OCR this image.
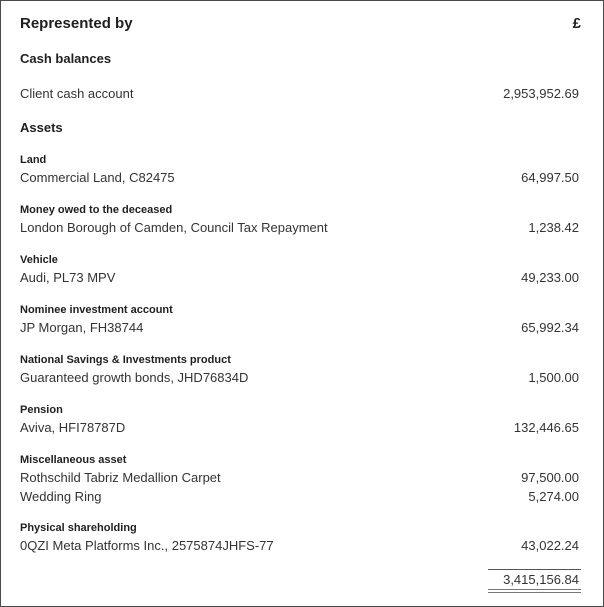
Represented by	£
Cash balances
Client cash account	2,953,952.69
Assets
Land
Commercial Land, C82475	64,997.50
Money owed to the deceased
London Borough of Camden, Council Tax Repayment	1,238.42
Vehicle
Audi, PL73 MPV	49,233.00
Nominee investment account
JP Morgan, FH38744	65,992.34
National Savings & Investments product
Guaranteed growth bonds, JHD76834D	1,500.00
Pension
Aviva, HFI78787D	132,446.65
Miscellaneous asset
Rothschild Tabriz Medallion Carpet	97,500.00
Wedding Ring	5,274.00
Physical shareholding
0QZI Meta Platforms Inc., 2575874JHFS-77	43,022.24
3,415,156.84
